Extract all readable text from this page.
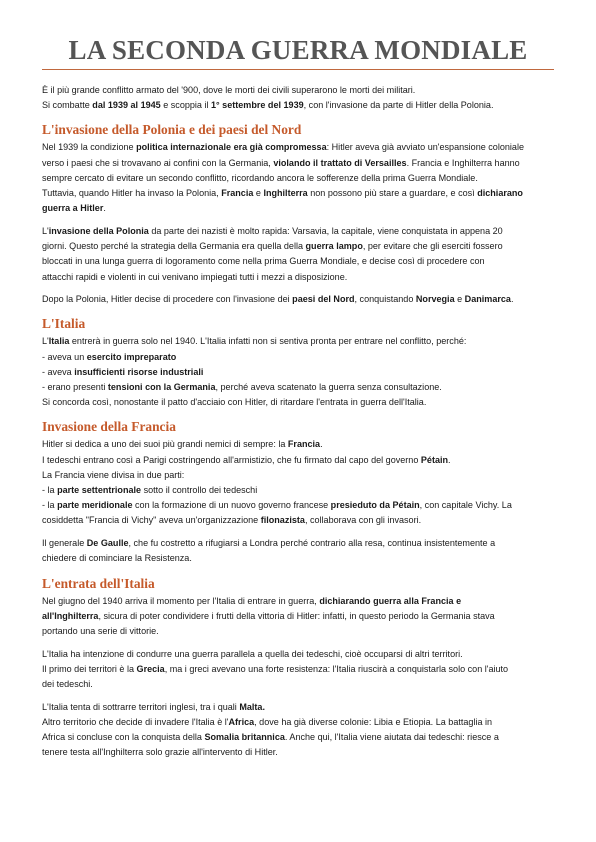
LA SECONDA GUERRA MONDIALE

È il più grande conflitto armato del '900, dove le morti dei civili superarono le morti dei militari.

Si combatte dal 1939 al 1945 e scoppia il 1° settembre del 1939, con l'invasione da parte di Hitler della Polonia.

L'invasione della Polonia e dei paesi del Nord

Nel 1939 la condizione politica internazionale era già compromessa: Hitler aveva già avviato un'espansione coloniale

verso i paesi che si trovavano ai confini con la Germania, violando il trattato di Versailles. Francia e Inghilterra hanno

sempre cercato di evitare un secondo conflitto, ricordando ancora le sofferenze della prima Guerra Mondiale.

Tuttavia, quando Hitler ha invaso la Polonia, Francia e Inghilterra non possono più stare a guardare, e così dichiarano

guerra a Hitler.

L'invasione della Polonia da parte dei nazisti è molto rapida: Varsavia, la capitale, viene conquistata in appena 20

giorni. Questo perché la strategia della Germania era quella della guerra lampo, per evitare che gli eserciti fossero

bloccati in una lunga guerra di logoramento come nella prima Guerra Mondiale, e decise così di procedere con

attacchi rapidi e violenti in cui venivano impiegati tutti i mezzi a disposizione.

Dopo la Polonia, Hitler decise di procedere con l'invasione dei paesi del Nord, conquistando Norvegia e Danimarca.

L'Italia

L'Italia entrerà in guerra solo nel 1940. L'Italia infatti non si sentiva pronta per entrare nel conflitto, perché:

- aveva un esercito impreparato

- aveva insufficienti risorse industriali

- erano presenti tensioni con la Germania, perché aveva scatenato la guerra senza consultazione.

Si concorda così, nonostante il patto d'acciaio con Hitler, di ritardare l'entrata in guerra dell'Italia.

Invasione della Francia

Hitler si dedica a uno dei suoi più grandi nemici di sempre: la Francia.

I tedeschi entrano così a Parigi costringendo all'armistizio, che fu firmato dal capo del governo Pétain.

La Francia viene divisa in due parti:

- la parte settentrionale sotto il controllo dei tedeschi

- la parte meridionale con la formazione di un nuovo governo francese presieduto da Pétain, con capitale Vichy. La

cosiddetta "Francia di Vichy" aveva un'organizzazione filonazista, collaborava con gli invasori.

Il generale De Gaulle, che fu costretto a rifugiarsi a Londra perché contrario alla resa, continua insistentemente a

chiedere di cominciare la Resistenza.

L'entrata dell'Italia

Nel giugno del 1940 arriva il momento per l'Italia di entrare in guerra, dichiarando guerra alla Francia e

all'Inghilterra, sicura di poter condividere i frutti della vittoria di Hitler: infatti, in questo periodo la Germania stava

portando una serie di vittorie.

L'Italia ha intenzione di condurre una guerra parallela a quella dei tedeschi, cioè occuparsi di altri territori.

Il primo dei territori è la Grecia, ma i greci avevano una forte resistenza: l'Italia riuscirà a conquistarla solo con l'aiuto

dei tedeschi.

L'Italia tenta di sottrarre territori inglesi, tra i quali Malta.

Altro territorio che decide di invadere l'Italia è l'Africa, dove ha già diverse colonie: Libia e Etiopia. La battaglia in

Africa si concluse con la conquista della Somalia britannica. Anche qui, l'Italia viene aiutata dai tedeschi: riesce a

tenere testa all'Inghilterra solo grazie all'intervento di Hitler.
